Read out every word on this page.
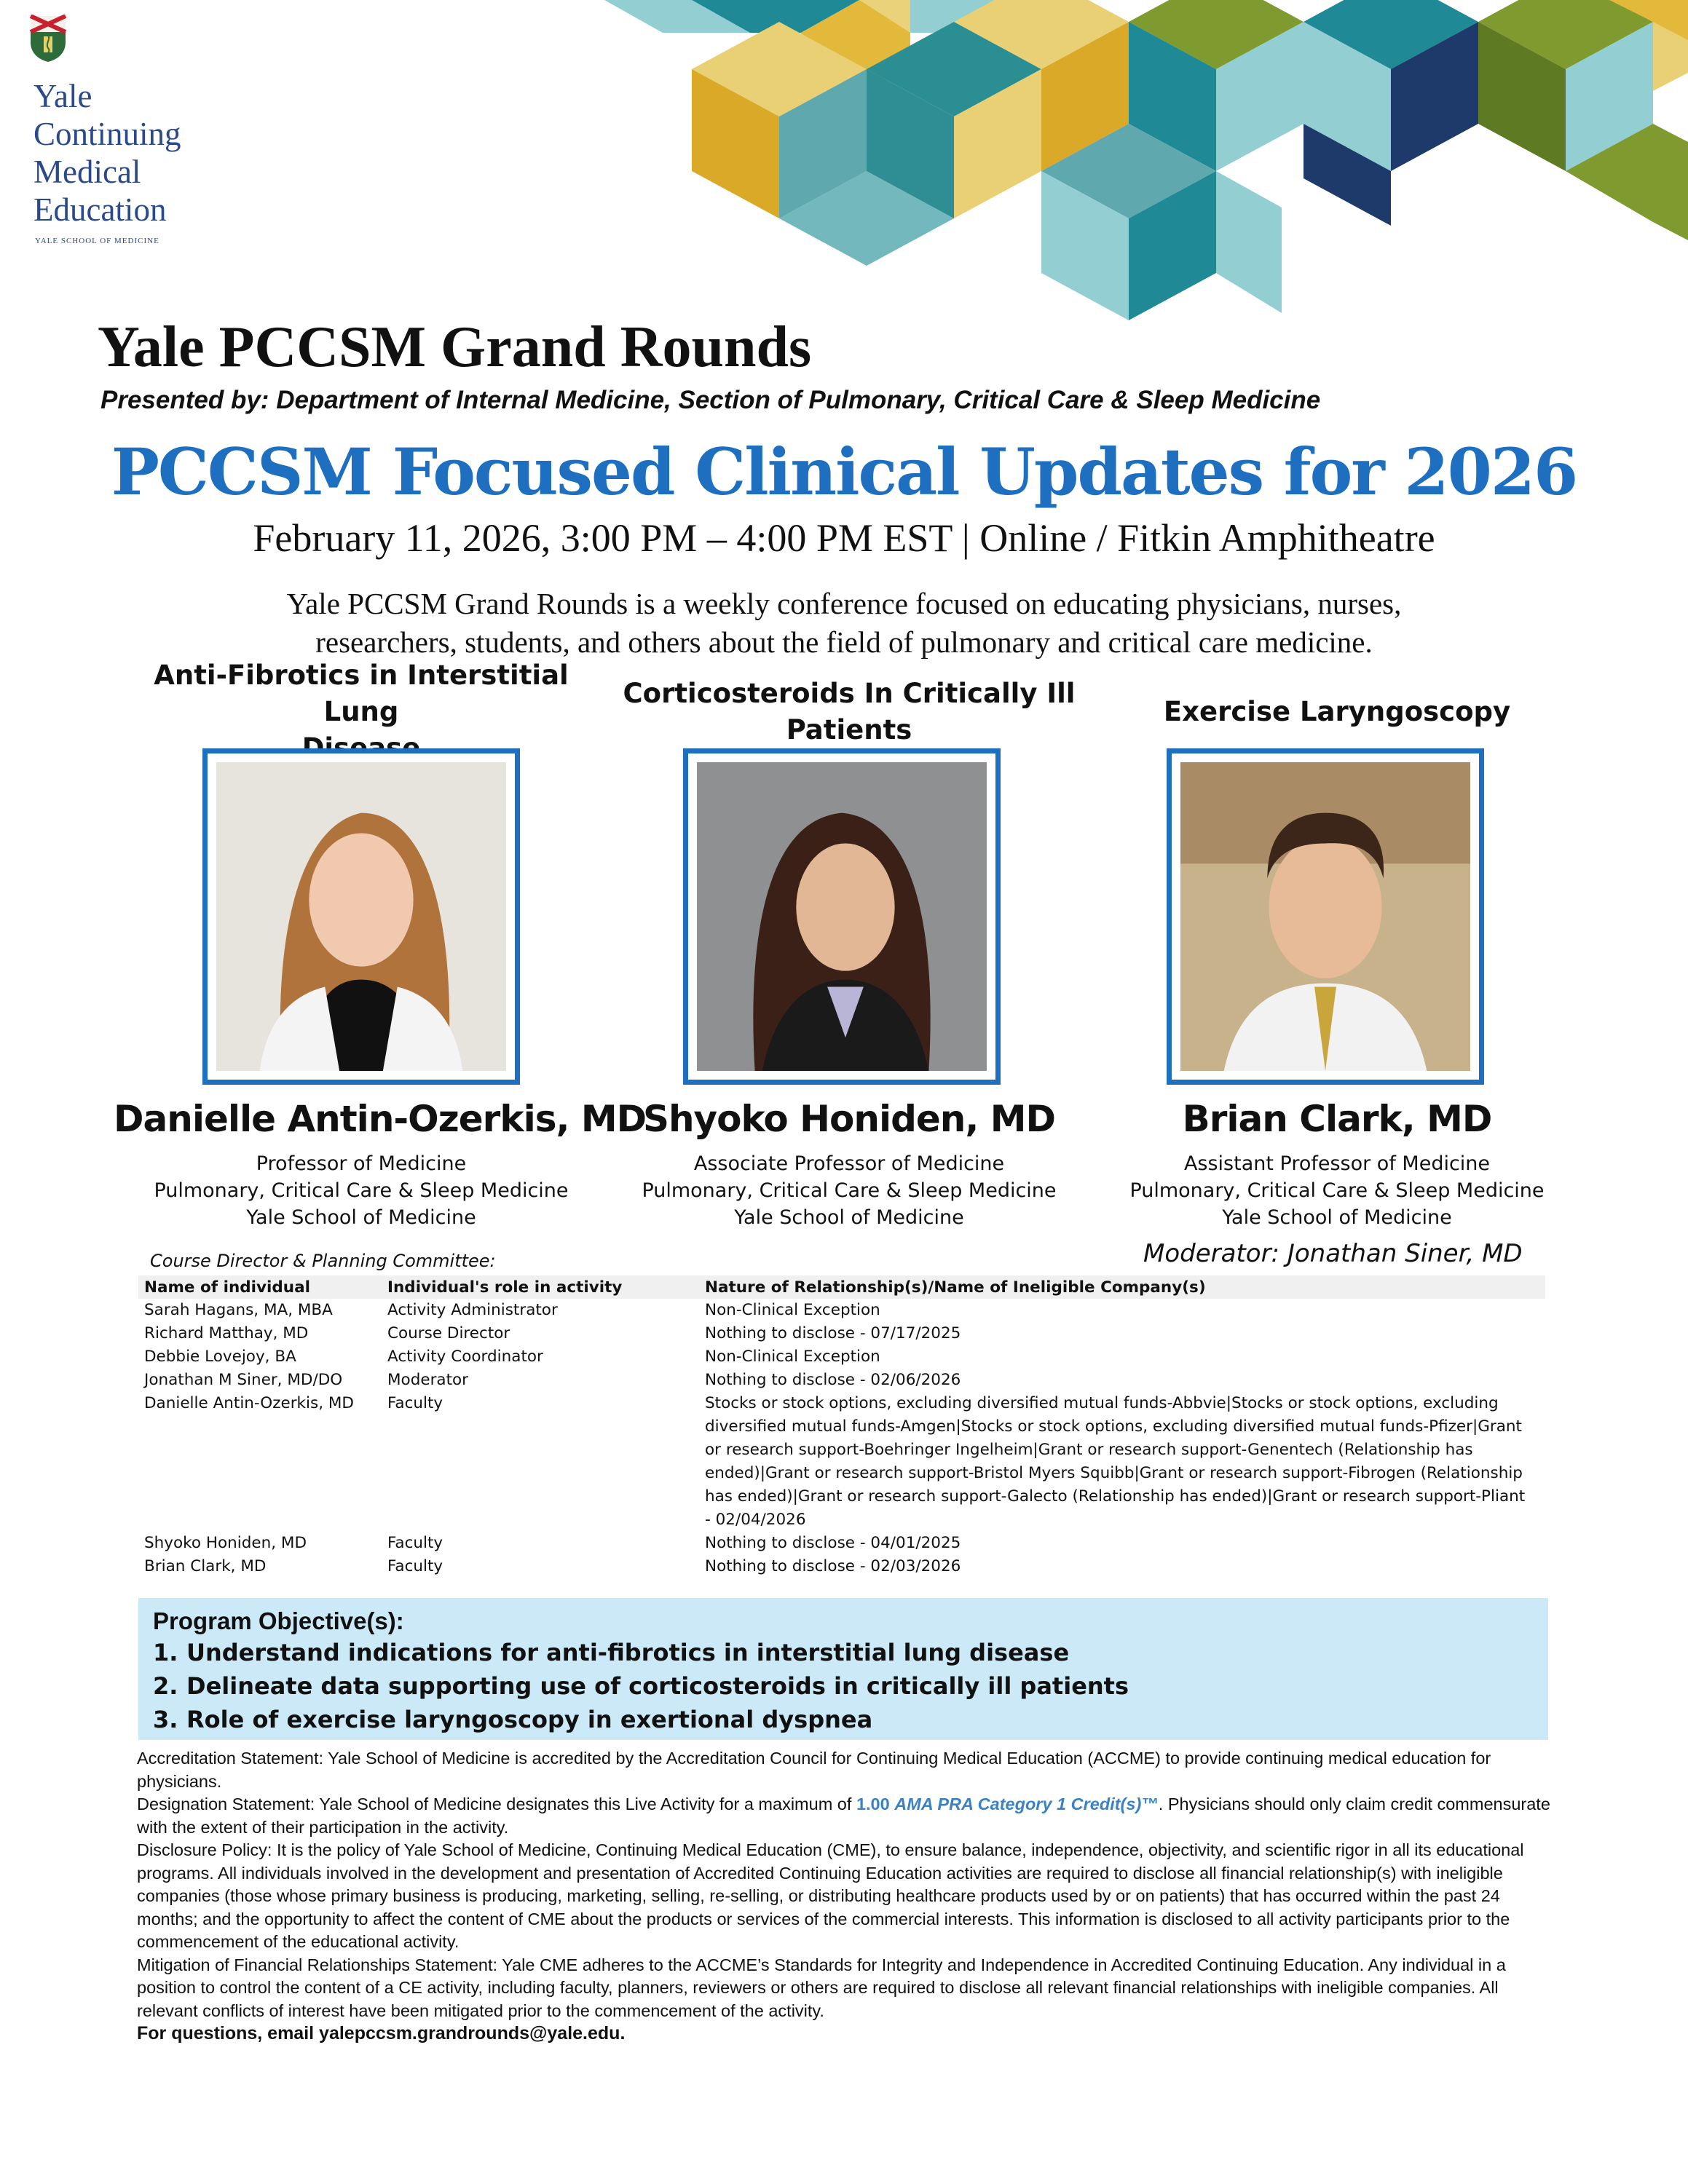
Yale
Continuing
Medical
Education
YALE SCHOOL OF MEDICINE
Yale PCCSM Grand Rounds
Presented by: Department of Internal Medicine, Section of Pulmonary, Critical Care & Sleep Medicine
PCCSM Focused Clinical Updates for 2026
February 11, 2026, 3:00 PM – 4:00 PM EST | Online / Fitkin Amphitheatre
Yale PCCSM Grand Rounds is a weekly conference focused on educating physicians, nurses,
researchers, students, and others about the field of pulmonary and critical care medicine.
Anti-Fibrotics in Interstitial Lung

Corticosteroids In Critically Ill
Patients
Exercise Laryngoscopy
Danielle Antin-Ozerkis, MD
Shyoko Honiden, MD	Brian Clark, MD
Professor of Medicine
Pulmonary, Critical Care & Sleep Medicine
Yale School of Medicine
Associate Professor of Medicine
Pulmonary, Critical Care & Sleep Medicine
Yale School of Medicine
Assistant Professor of Medicine
Pulmonary, Critical Care & Sleep Medicine
Yale School of Medicine
Course Director & Planning Committee:	Moderator: Jonathan Siner, MD
Name of individual	Individual's role in activity	Nature of Relationship(s)/Name of Ineligible Company(s)
Sarah Hagans, MA, MBA	Activity Administrator	Non-Clinical Exception
Richard Matthay, MD	Course Director	Nothing to disclose - 07/17/2025
Debbie Lovejoy, BA	Activity Coordinator	Non-Clinical Exception
Jonathan M Siner, MD/DO	Moderator	Nothing to disclose - 02/06/2026
Danielle Antin-Ozerkis, MD	Faculty	Stocks or stock options, excluding diversified mutual funds-Abbvie|Stocks or stock options, excluding diversified mutual funds-Amgen|Stocks or stock options, excluding diversified mutual funds-Pfizer|Grant or research support-Boehringer Ingelheim|Grant or research support-Genentech (Relationship has ended)|Grant or research support-Bristol Myers Squibb|Grant or research support-Fibrogen (Relationship has ended)|Grant or research support-Galecto (Relationship has ended)|Grant or research support-Pliant - 02/04/2026
Shyoko Honiden, MD	Faculty	Nothing to disclose - 04/01/2025
Brian Clark, MD	Faculty	Nothing to disclose - 02/03/2026
Program Objective(s):
1. Understand indications for anti-fibrotics in interstitial lung disease
2. Delineate data supporting use of corticosteroids in critically ill patients
3. Role of exercise laryngoscopy in exertional dyspnea

Accreditation Statement: Yale School of Medicine is accredited by the Accreditation Council for Continuing Medical Education (ACCME) to provide continuing medical education for physicians.

Designation Statement: Yale School of Medicine designates this Live Activity for a maximum of 1.00 AMA PRA Category 1 Credit(s)™. Physicians should only claim credit commensurate with the extent of their participation in the activity.

Disclosure Policy: It is the policy of Yale School of Medicine, Continuing Medical Education (CME), to ensure balance, independence, objectivity, and scientific rigor in all its educational programs. All individuals involved in the development and presentation of Accredited Continuing Education activities are required to disclose all financial relationship(s) with ineligible companies (those whose primary business is producing, marketing, selling, re-selling, or distributing healthcare products used by or on patients) that has occurred within the past 24 months; and the opportunity to affect the content of CME about the products or services of the commercial interests. This information is disclosed to all activity participants prior to the commencement of the educational activity.

Mitigation of Financial Relationships Statement: Yale CME adheres to the ACCME’s Standards for Integrity and Independence in Accredited Continuing Education. Any individual in a position to control the content of a CE activity, including faculty, planners, reviewers or others are required to disclose all relevant financial relationships with ineligible companies. All relevant conflicts of interest have been mitigated prior to the commencement of the activity.

For questions, email yalepccsm.grandrounds@yale.edu.
